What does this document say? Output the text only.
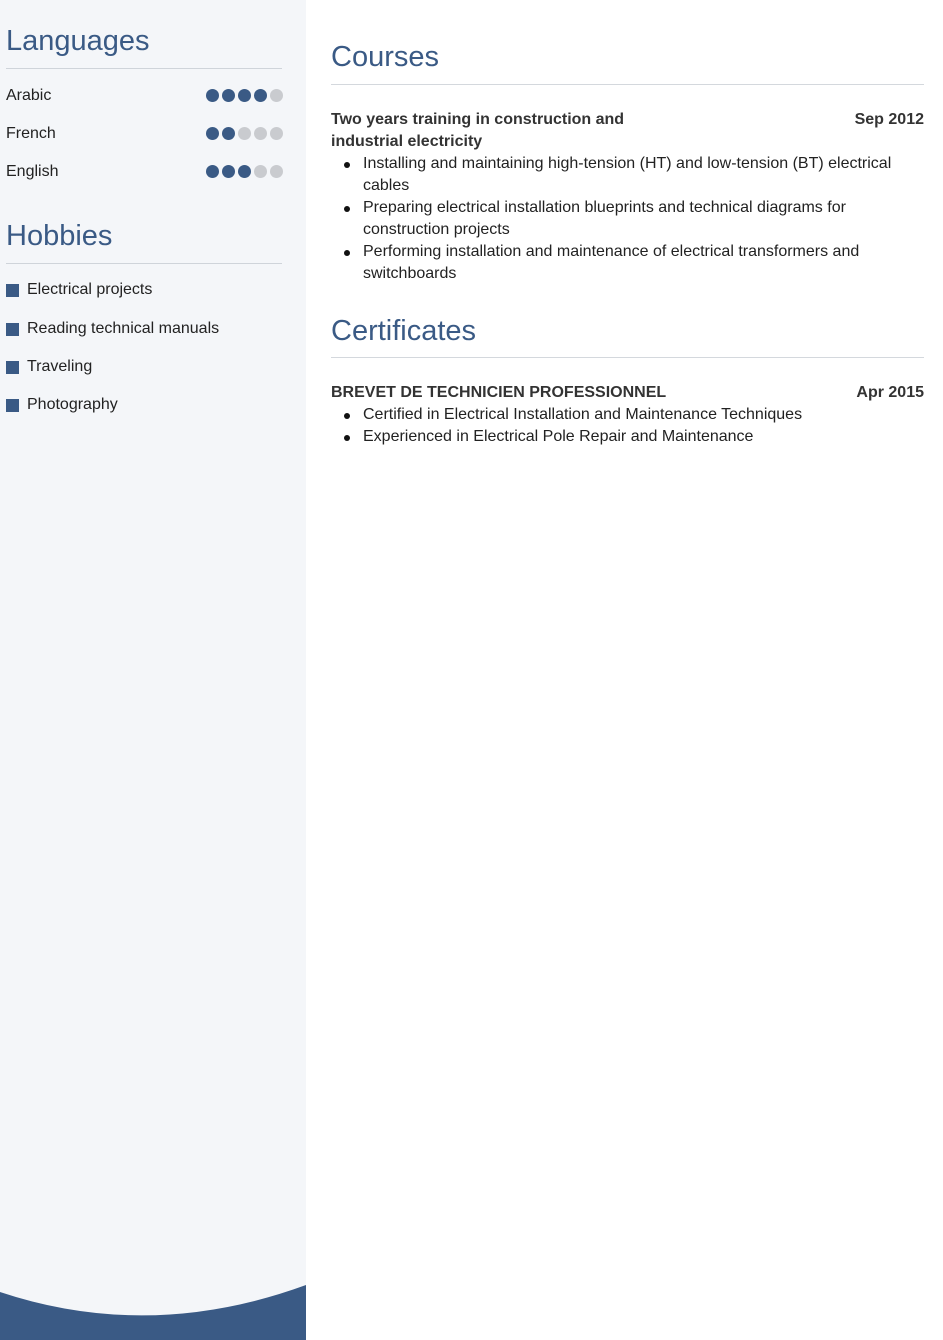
Languages
Arabic
French
English
Hobbies
Electrical projects
Reading technical manuals
Traveling
Photography
Courses
Two years training in construction and industrial electricity
Sep 2012
Installing and maintaining high-tension (HT) and low-tension (BT) electrical cables
Preparing electrical installation blueprints and technical diagrams for construction projects
Performing installation and maintenance of electrical transformers and switchboards
Certificates
BREVET DE TECHNICIEN PROFESSIONNEL	Apr 2015
Certified in Electrical Installation and Maintenance Techniques
Experienced in Electrical Pole Repair and Maintenance
